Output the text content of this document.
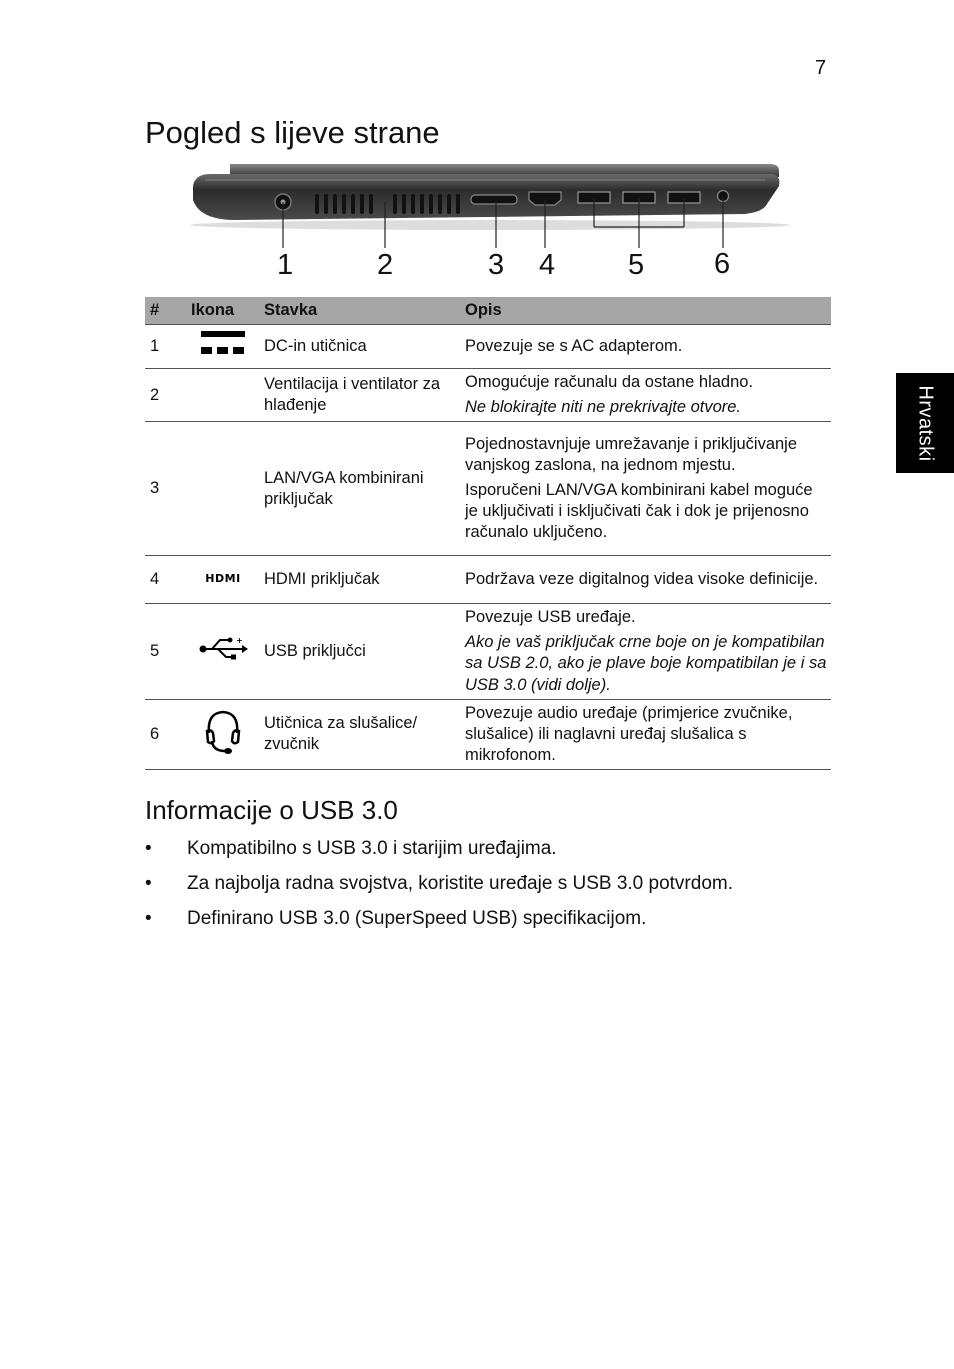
7
Pogled s lijeve strane
Hrvatski
1	2	3 4	5 6
#	Ikona	Stavka	Opis
1		DC-in utičnica	Povezuje se s AC adapterom.

2		Ventilacija i ventilator za hlađenje	Omogućuje računalu da ostane hladno.

Ne blokirajte niti ne prekrivajte otvore.

3		LAN/VGA kombinirani priključak	Pojednostavnjuje umrežavanje i priključivanje vanjskog zaslona, na jednom mjestu.

Isporučeni LAN/VGA kombinirani kabel moguće je uključivati i isključivati čak i dok je prijenosno računalo uključeno.

4	HDMI	HDMI priključak	Podržava veze digitalnog videa visoke definicije.

5	+	USB priključci	Povezuje USB uređaje.

Ako je vaš priključak crne boje on je kompatibilan sa USB 2.0, ako je plave boje kompatibilan je i sa USB 3.0 (vidi dolje).

6		Utičnica za slušalice/ zvučnik	Povezuje audio uređaje (primjerice zvučnike, slušalice) ili naglavni uređaj slušalica s mikrofonom.

Informacije o USB 3.0
• Kompatibilno s USB 3.0 i starijim uređajima.
• Za najbolja radna svojstva, koristite uređaje s USB 3.0 potvrdom.
• Definirano USB 3.0 (SuperSpeed USB) specifikacijom.
